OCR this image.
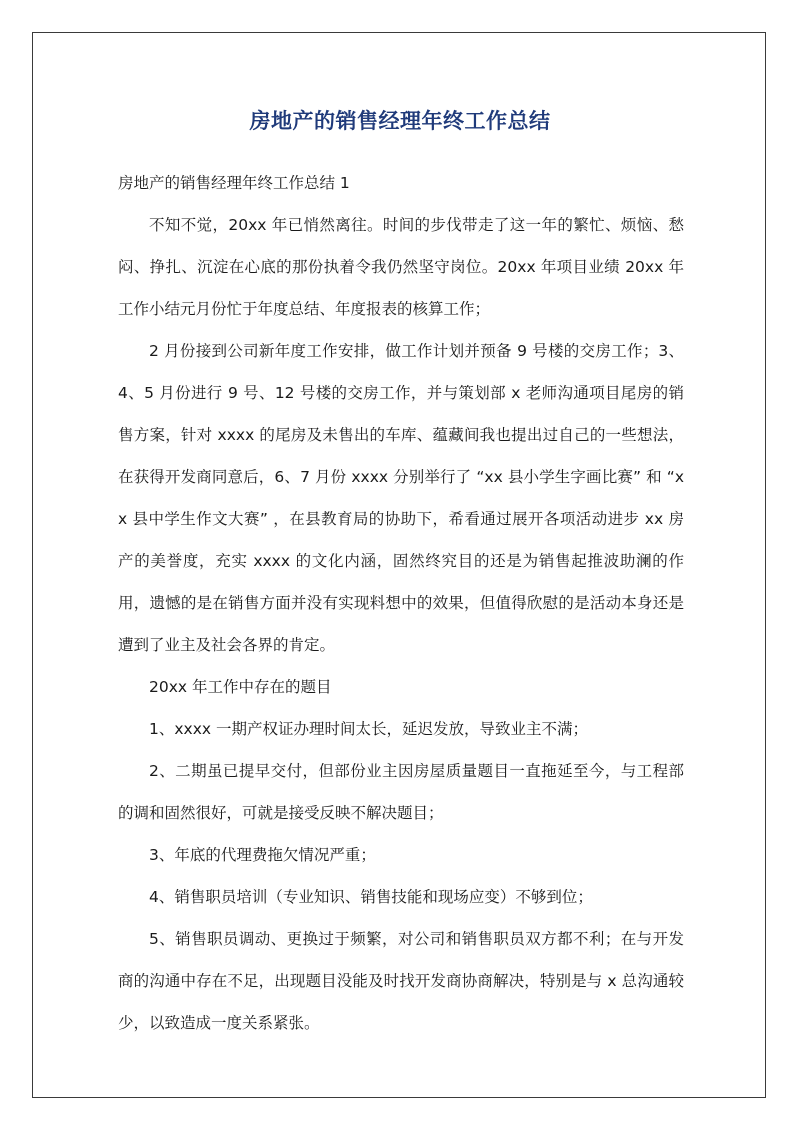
房地产的销售经理年终工作总结

房地产的销售经理年终工作总结 1

不知不觉，20xx 年已悄然离往。时间的步伐带走了这一年的繁忙、烦恼、愁闷、挣扎、沉淀在心底的那份执着令我仍然坚守岗位。20xx 年项目业绩 20xx 年工作小结元月份忙于年度总结、年度报表的核算工作；

2 月份接到公司新年度工作安排，做工作计划并预备 9 号楼的交房工作；3、4、5 月份进行 9 号、12 号楼的交房工作，并与策划部 x 老师沟通项目尾房的销售方案，针对 xxxx 的尾房及未售出的车库、蕴藏间我也提出过自己的一些想法，在获得开发商同意后，6、7 月份 xxxx 分别举行了 “xx 县小学生字画比赛” 和 “xx 县中学生作文大赛” ，在县教育局的协助下，希看通过展开各项活动进步 xx 房产的美誉度，充实 xxxx 的文化内涵，固然终究目的还是为销售起推波助澜的作用，遗憾的是在销售方面并没有实现料想中的效果，但值得欣慰的是活动本身还是遭到了业主及社会各界的肯定。

20xx 年工作中存在的题目

1、xxxx 一期产权证办理时间太长，延迟发放，导致业主不满；

2、二期虽已提早交付，但部份业主因房屋质量题目一直拖延至今，与工程部的调和固然很好，可就是接受反映不解决题目；

3、年底的代理费拖欠情况严重；

4、销售职员培训（专业知识、销售技能和现场应变）不够到位；

5、销售职员调动、更换过于频繁，对公司和销售职员双方都不利；在与开发商的沟通中存在不足，出现题目没能及时找开发商协商解决，特别是与 x 总沟通较少，以致造成一度关系紧张。
